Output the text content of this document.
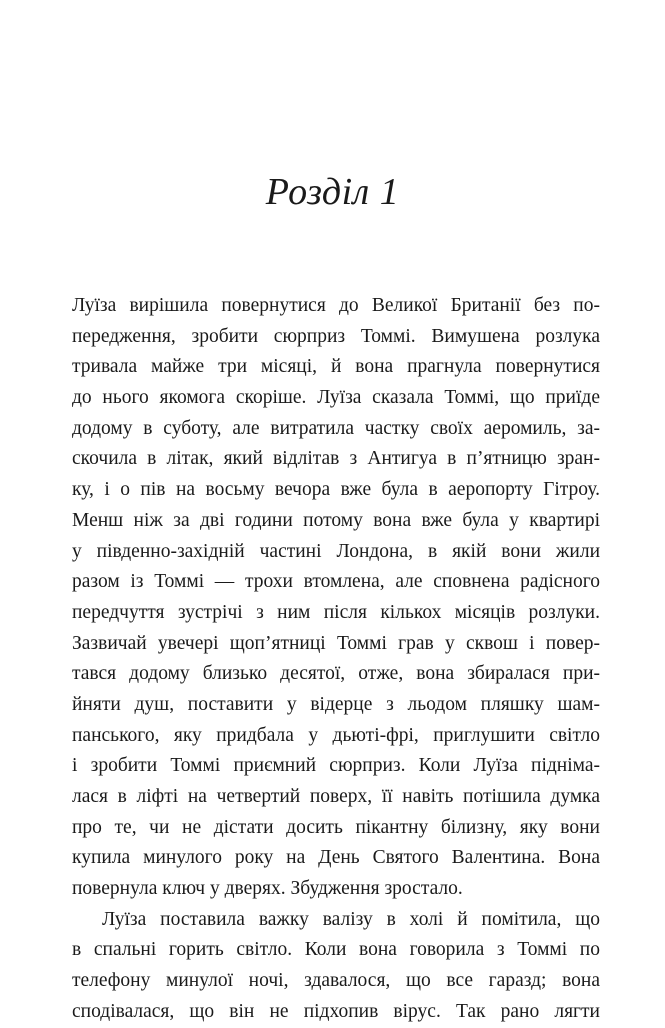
Розділ 1
Луїза вирішила повернутися до Великої Британії без по-
передження, зробити сюрприз Томмі. Вимушена розлука
тривала майже три місяці, й вона прагнула повернутися
до нього якомога скоріше. Луїза сказала Томмі, що приїде
додому в суботу, але витратила частку своїх аеромиль, за-
скочила в літак, який відлітав з Антигуа в п’ятницю зран-
ку, і о пів на восьму вечора вже була в аеропорту Гітроу.
Менш ніж за дві години потому вона вже була у квартирі
у південно-західній частині Лондона, в якій вони жили
разом із Томмі — трохи втомлена, але сповнена радісного
передчуття зустрічі з ним після кількох місяців розлуки.
Зазвичай увечері щоп’ятниці Томмі грав у сквош і повер-
тався додому близько десятої, отже, вона збиралася при-
йняти душ, поставити у відерце з льодом пляшку шам-
панського, яку придбала у дьюті-фрі, приглушити світло
і зробити Томмі приємний сюрприз. Коли Луїза підніма-
лася в ліфті на четвертий поверх, її навіть потішила думка
про те, чи не дістати досить пікантну білизну, яку вони
купила минулого року на День Святого Валентина. Вона
повернула ключ у дверях. Збудження зростало.
Луїза поставила важку валізу в холі й помітила, що
в спальні горить світло. Коли вона говорила з Томмі по
телефону минулої ночі, здавалося, що все гаразд; вона
сподівалася, що він не підхопив вірус. Так рано лягти
